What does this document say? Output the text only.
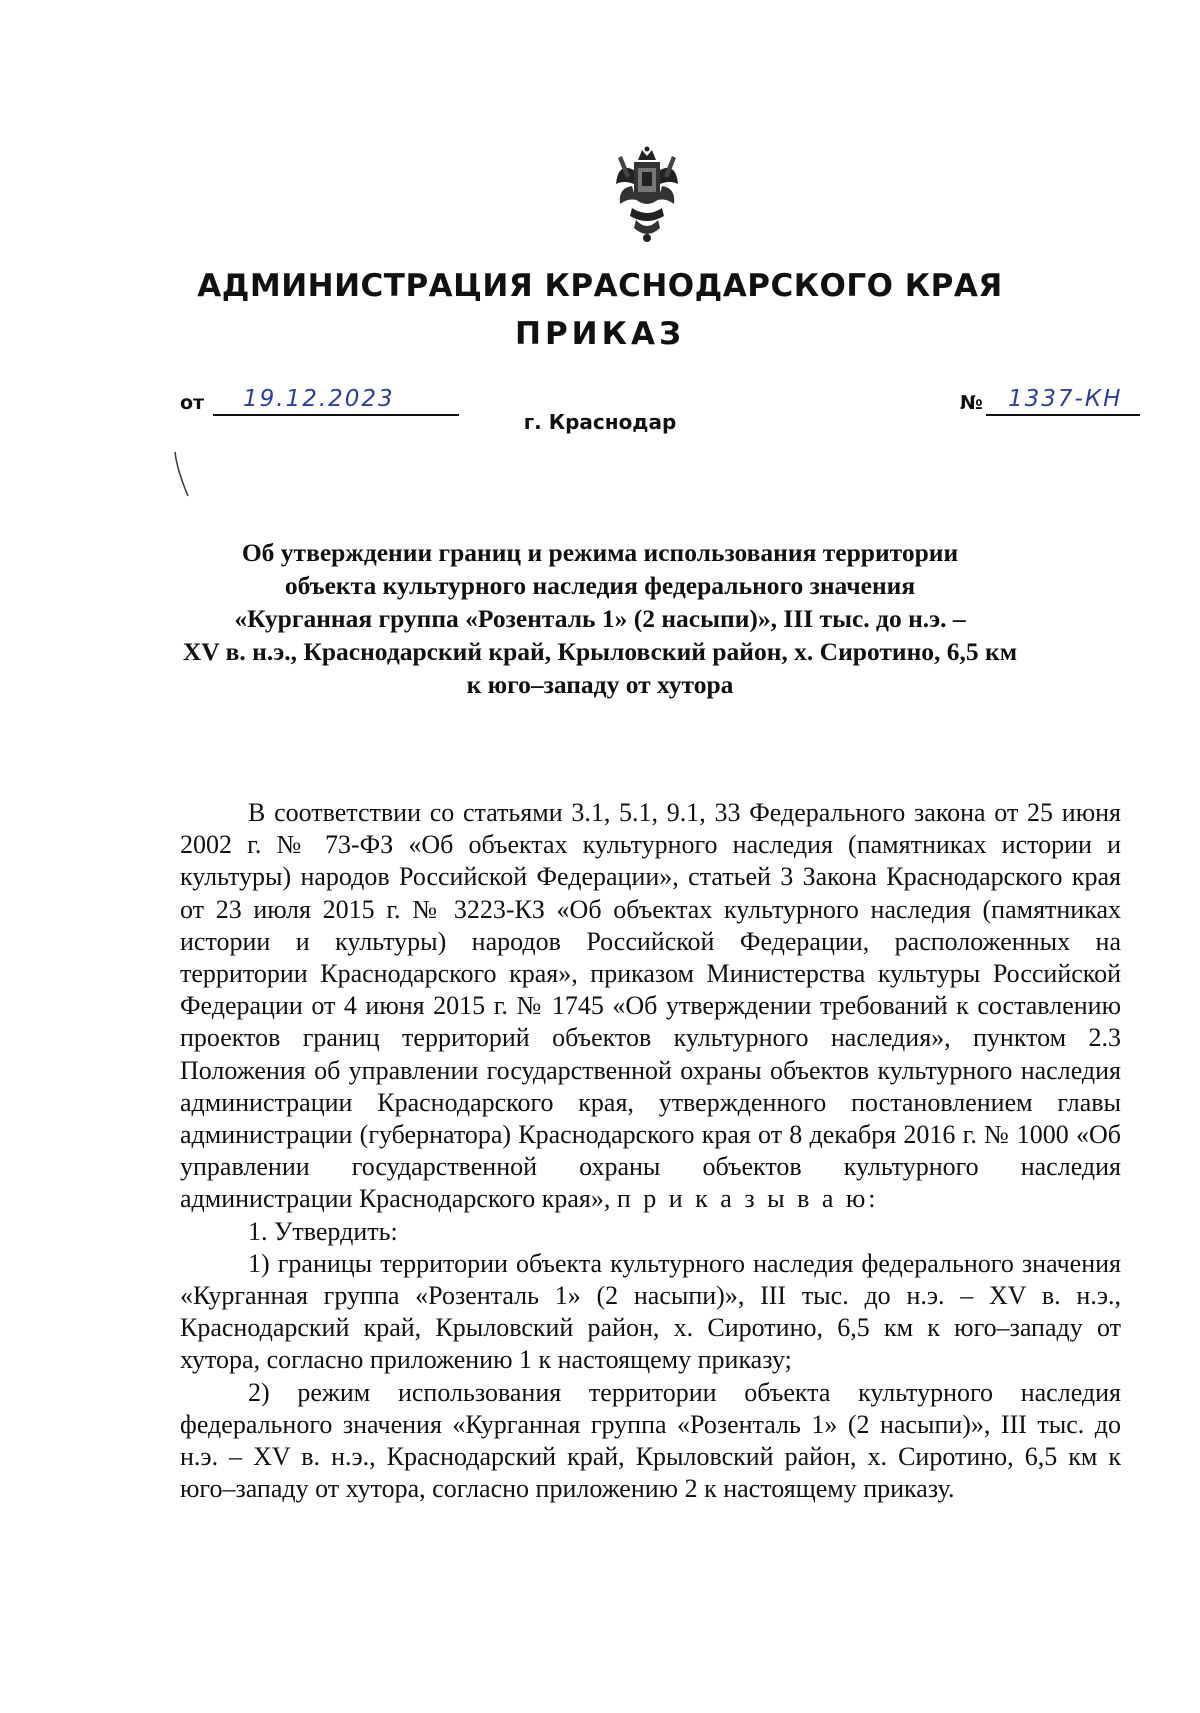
АДМИНИСТРАЦИЯ КРАСНОДАРСКОГО КРАЯ
ПРИКАЗ
от 19.12.2023	№ 1337-КН
г. Краснодар
Об утверждении границ и режима использования территории
объекта культурного наследия федерального значения
«Курганная группа «Розенталь 1» (2 насыпи)», III тыс. до н.э. –
XV в. н.э., Краснодарский край, Крыловский район, х. Сиротино, 6,5 км
к юго–западу от хутора

В соответствии со статьями 3.1, 5.1, 9.1, 33 Федерального закона от 25 июня 2002 г. № 73-ФЗ «Об объектах культурного наследия (памятниках истории и культуры) народов Российской Федерации», статьей 3 Закона Краснодарского края от 23 июля 2015 г. № 3223-КЗ «Об объектах культурного наследия (памятниках истории и культуры) народов Российской Федерации, расположенных на территории Краснодарского края», приказом Министерства культуры Российской Федерации от 4 июня 2015 г. № 1745 «Об утверждении требований к составлению проектов границ территорий объектов культурного наследия», пунктом 2.3 Положения об управлении государственной охраны объектов культурного наследия администрации Краснодарского края, утвержденного постановлением главы администрации (губернатора) Краснодарского края от 8 декабря 2016 г. № 1000 «Об управлении государственной охраны объектов культурного наследия администрации Краснодарского края», п р и к а з ы в а ю:

1. Утвердить:

1) границы территории объекта культурного наследия федерального значения «Курганная группа «Розенталь 1» (2 насыпи)», III тыс. до н.э. – XV в. н.э., Краснодарский край, Крыловский район, х. Сиротино, 6,5 км к юго–западу от хутора, согласно приложению 1 к настоящему приказу;

2) режим использования территории объекта культурного наследия федерального значения «Курганная группа «Розенталь 1» (2 насыпи)», III тыс. до н.э. – XV в. н.э., Краснодарский край, Крыловский район, х. Сиротино, 6,5 км к юго–западу от хутора, согласно приложению 2 к настоящему приказу.
